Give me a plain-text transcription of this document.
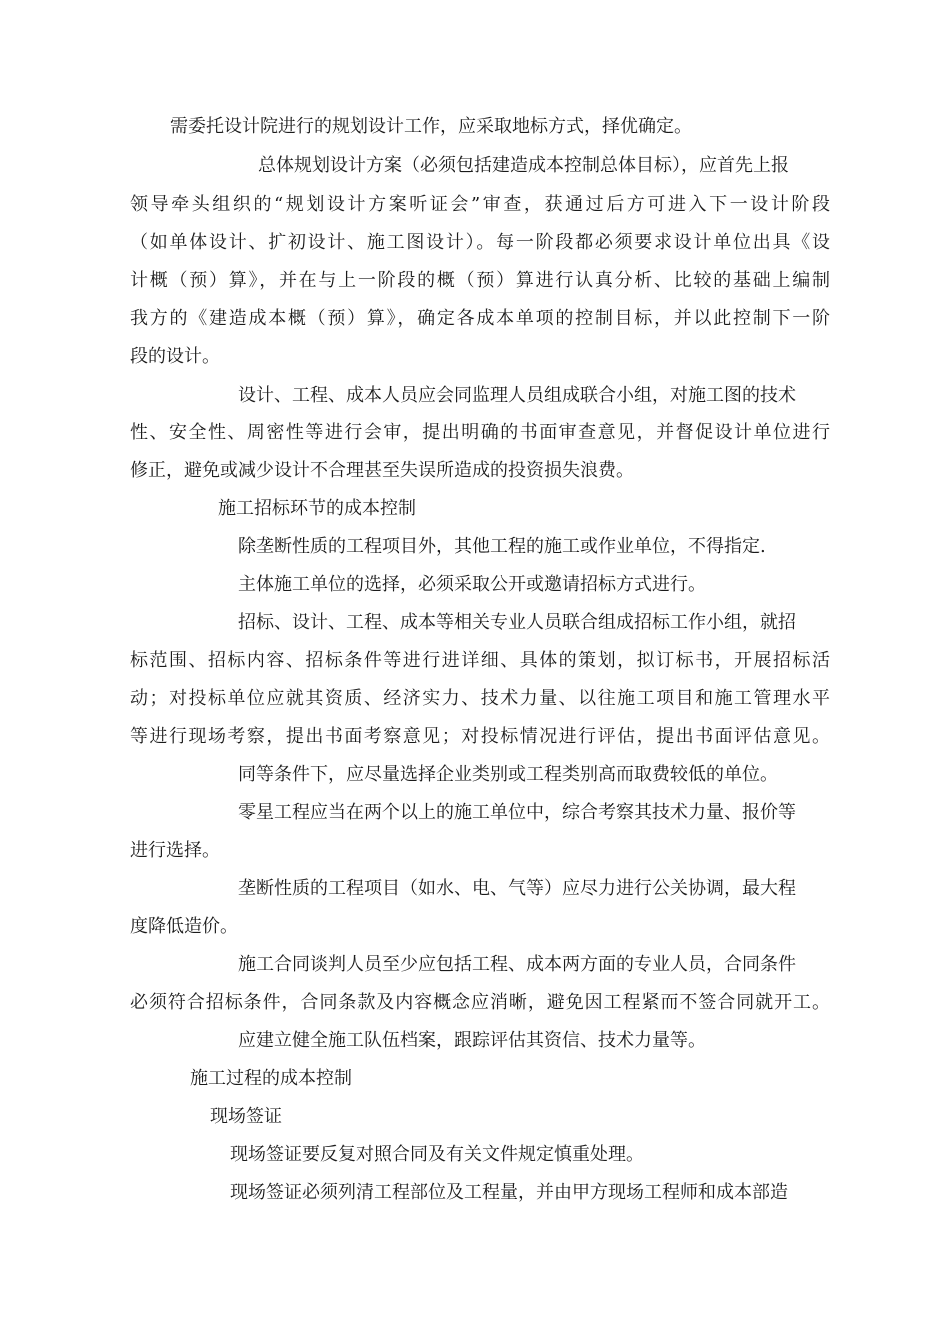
需委托设计院进行的规划设计工作，应采取地标方式，择优确定。
总体规划设计方案（必须包括建造成本控制总体目标），应首先上报
领导牵头组织的“规划设计方案听证会”审查，获通过后方可进入下一设计阶段
（如单体设计、扩初设计、施工图设计）。每一阶段都必须要求设计单位出具《设
计概（预）算》，并在与上一阶段的概（预）算进行认真分析、比较的基础上编制
我方的《建造成本概（预）算》，确定各成本单项的控制目标，并以此控制下一阶
段的设计。
设计、工程、成本人员应会同监理人员组成联合小组，对施工图的技术
性、安全性、周密性等进行会审，提出明确的书面审查意见，并督促设计单位进行
修正，避免或减少设计不合理甚至失误所造成的投资损失浪费。
施工招标环节的成本控制
除垄断性质的工程项目外，其他工程的施工或作业单位，不得指定.
主体施工单位的选择，必须采取公开或邀请招标方式进行。
招标、设计、工程、成本等相关专业人员联合组成招标工作小组，就招
标范围、招标内容、招标条件等进行进详细、具体的策划，拟订标书，开展招标活
动；对投标单位应就其资质、经济实力、技术力量、以往施工项目和施工管理水平
等进行现场考察，提出书面考察意见；对投标情况进行评估，提出书面评估意见。
同等条件下，应尽量选择企业类别或工程类别高而取费较低的单位。
零星工程应当在两个以上的施工单位中，综合考察其技术力量、报价等
进行选择。
垄断性质的工程项目（如水、电、气等）应尽力进行公关协调，最大程
度降低造价。
施工合同谈判人员至少应包括工程、成本两方面的专业人员，合同条件
必须符合招标条件，合同条款及内容概念应消晰，避免因工程紧而不签合同就开工。
应建立健全施工队伍档案，跟踪评估其资信、技术力量等。
施工过程的成本控制
现场签证
现场签证要反复对照合同及有关文件规定慎重处理。
现场签证必须列清工程部位及工程量，并由甲方现场工程师和成本部造
